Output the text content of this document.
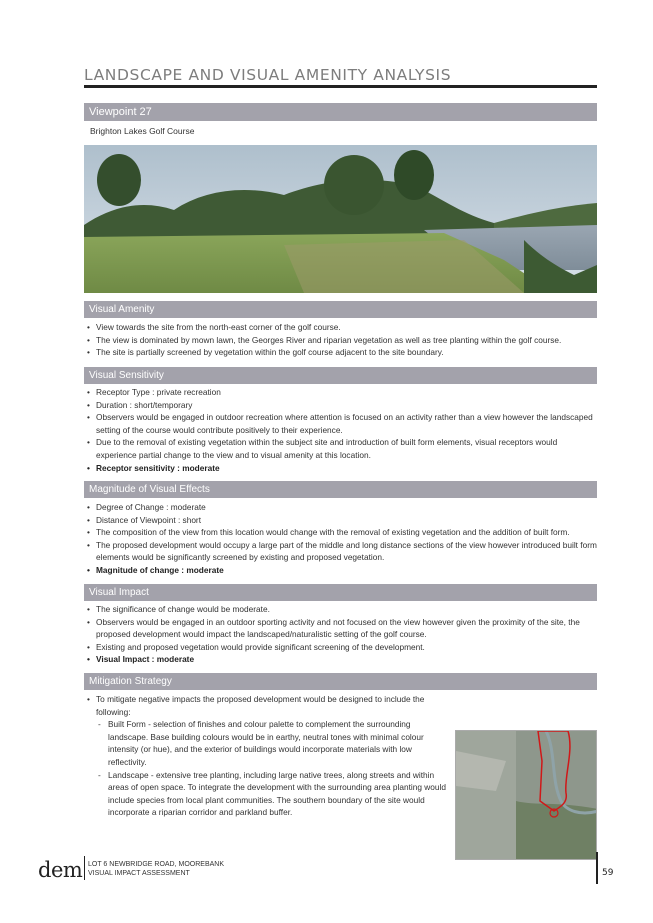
LANDSCAPE AND VISUAL AMENITY ANALYSIS
Viewpoint 27
Brighton Lakes Golf Course
Visual Amenity
• View towards the site from the north-east corner of the golf course.
• The view is dominated by mown lawn, the Georges River and riparian vegetation as well as tree planting within the golf course.
• The site is partially screened by vegetation within the golf course adjacent to the site boundary.
Visual Sensitivity
• Receptor Type : private recreation
• Duration : short/temporary
• Observers would be engaged in outdoor recreation where attention is focused on an activity rather than a view however the landscaped setting of the course would contribute positively to their experience.
• Due to the removal of existing vegetation within the subject site and introduction of built form elements, visual receptors would experience partial change to the view and to visual amenity at this location.
• Receptor sensitivity : moderate
Magnitude of Visual Effects
• Degree of Change : moderate
• Distance of Viewpoint : short
• The composition of the view from this location would change with the removal of existing vegetation and the addition of built form.
• The proposed development would occupy a large part of the middle and long distance sections of the view however introduced built form elements would be significantly screened by existing and proposed vegetation.
• Magnitude of change : moderate
Visual Impact
• The significance of change would be moderate.
• Observers would be engaged in an outdoor sporting activity and not focused on the view however given the proximity of the site, the proposed development would impact the landscaped/naturalistic setting of the golf course.
• Existing and proposed vegetation would provide significant screening of the development.
• Visual Impact : moderate
Mitigation Strategy
• To mitigate negative impacts the proposed development would be designed to include the following:
- Built Form - selection of finishes and colour palette to complement the surrounding landscape. Base building colours would be in earthy, neutral tones with minimal colour intensity (or hue), and the exterior of buildings would incorporate materials with low reflectivity.
- Landscape - extensive tree planting, including large native trees, along streets and within areas of open space. To integrate the development with the surrounding area planting would include species from local plant communities. The southern boundary of the site would incorporate a riparian corridor and parkland buffer.
dem LOT 6 NEWBRIDGE ROAD, MOOREBANK
VISUAL IMPACT ASSESSMENT	59
